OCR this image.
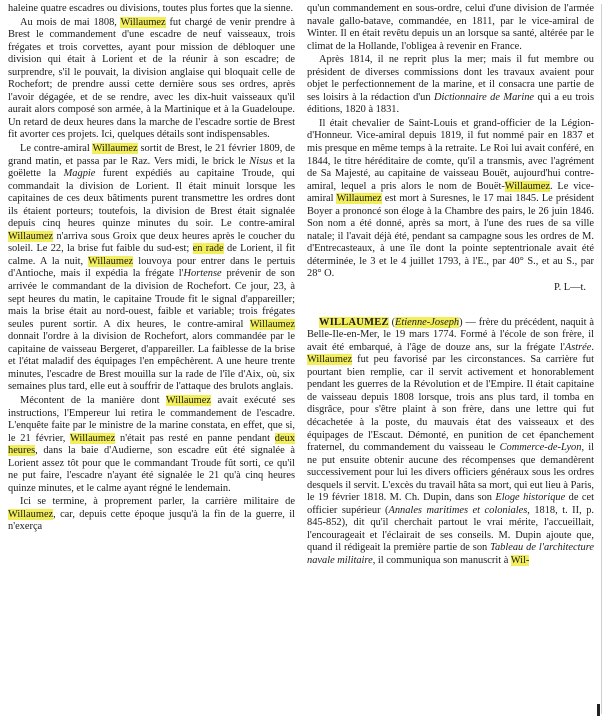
haleine quatre escadres ou divisions, toutes plus fortes que la sienne.

Au mois de mai 1808, Willaumez fut chargé de venir prendre à Brest le commandement d'une escadre de neuf vaisseaux, trois frégates et trois corvettes, ayant pour mission de débloquer une division qui était à Lorient et de la réunir à son escadre; de surprendre, s'il le pouvait, la division anglaise qui bloquait celle de Rochefort; de prendre aussi cette dernière sous ses ordres, après l'avoir dégagée, et de se rendre, avec les dix-huit vaisseaux qu'il aurait alors composé son armée, à la Martinique et à la Guadeloupe. Un retard de deux heures dans la marche de l'escadre sortie de Brest fit avorter ces projets. Ici, quelques détails sont indispensables.

Le contre-amiral Willaumez sortit de Brest, le 21 février 1809, de grand matin, et passa par le Raz. Vers midi, le brick le Nisus et la goëlette la Magpie furent expédiés au capitaine Troude, qui commandait la division de Lorient. Il était minuit lorsque les capitaines de ces deux bâtiments purent transmettre les ordres dont ils étaient porteurs; toutefois, la division de Brest était signalée depuis cinq heures quinze minutes du soir. Le contre-amiral Willaumez n'arriva sous Groix que deux heures après le coucher du soleil. Le 22, la brise fut faible du sud-est; en rade de Lorient, il fit calme. A la nuit, Willaumez louvoya pour entrer dans le pertuis d'Antioche, mais il expédia la frégate l'Hortense prévenir de son arrivée le commandant de la division de Rochefort. Ce jour, 23, à sept heures du matin, le capitaine Troude fit le signal d'appareiller; mais la brise était au nord-ouest, faible et variable; trois frégates seules purent sortir. A dix heures, le contre-amiral Willaumez donnait l'ordre à la division de Rochefort, alors commandée par le capitaine de vaisseau Bergeret, d'appareiller. La faiblesse de la brise et l'état maladif des équipages l'en empêchèrent. A une heure trente minutes, l'escadre de Brest mouilla sur la rade de l'île d'Aix, où, six semaines plus tard, elle eut à souffrir de l'attaque des brulots anglais.

Mécontent de la manière dont Willaumez avait exécuté ses instructions, l'Empereur lui retira le commandement de l'escadre. L'enquête faite par le ministre de la marine constata, en effet, que si, le 21 février, Willaumez n'était pas resté en panne pendant deux heures, dans la baie d'Audierne, son escadre eût été signalée à Lorient assez tôt pour que le commandant Troude fût sorti, ce qu'il ne put faire, l'escadre n'ayant été signalée le 21 qu'à cinq heures quinze minutes, et le calme ayant régné le lendemain.

Ici se termine, à proprement parler, la carrière militaire de Willaumez, car, depuis cette époque jusqu'à la fin de la guerre, il n'exerça

qu'un commandement en sous-ordre, celui d'une division de l'armée navale gallo-batave, commandée, en 1811, par le vice-amiral de Winter. Il en était revêtu depuis un an lorsque sa santé, altérée par le climat de la Hollande, l'obligea à revenir en France.

Après 1814, il ne reprit plus la mer; mais il fut membre ou président de diverses commissions dont les travaux avaient pour objet le perfectionnement de la marine, et il consacra une partie de ses loisirs à la rédaction d'un Dictionnaire de Marine qui a eu trois éditions, 1820 à 1831.

Il était chevalier de Saint-Louis et grand-officier de la Légion-d'Honneur. Vice-amiral depuis 1819, il fut nommé pair en 1837 et mis presque en même temps à la retraite. Le Roi lui avait conféré, en 1844, le titre héréditaire de comte, qu'il a transmis, avec l'agrément de Sa Majesté, au capitaine de vaisseau Bouët, aujourd'hui contre-amiral, lequel a pris alors le nom de Bouët-Willaumez. Le vice-amiral Willaumez est mort à Suresnes, le 17 mai 1845. Le président Boyer a prononcé son éloge à la Chambre des pairs, le 26 juin 1846. Son nom a été donné, après sa mort, à l'une des rues de sa ville natale; il l'avait déjà été, pendant sa campagne sous les ordres de M. d'Entrecasteaux, à une île dont la pointe septentrionale avait été déterminée, le 3 et le 4 juillet 1793, à l'E., par 40° S., et au S., par 28° O.

P. L—t.

WILLAUMEZ (Etienne-Joseph) — frère du précédent, naquit à Belle-Ile-en-Mer, le 19 mars 1774. Formé à l'école de son frère, il avait été embarqué, à l'âge de douze ans, sur la frégate l'Astrée. Willaumez fut peu favorisé par les circonstances. Sa carrière fut pourtant bien remplie, car il servit activement et honorablement pendant les guerres de la Révolution et de l'Empire. Il était capitaine de vaisseau depuis 1808 lorsque, trois ans plus tard, il tomba en disgrâce, pour s'être plaint à son frère, dans une lettre qui fut décachetée à la poste, du mauvais état des vaisseaux et des équipages de l'Escaut. Démonté, en punition de cet épanchement fraternel, du commandement du vaisseau le Commerce-de-Lyon, il ne put ensuite obtenir aucune des récompenses que demandèrent successivement pour lui les divers officiers généraux sous les ordres desquels il servit. L'excès du travail hâta sa mort, qui eut lieu à Paris, le 19 février 1818. M. Ch. Dupin, dans son Eloge historique de cet officier supérieur (Annales maritimes et coloniales, 1818, t. II, p. 845-852), dit qu'il cherchait partout le vrai mérite, l'accueillait, l'encourageait et l'éclairait de ses conseils. M. Dupin ajoute que, quand il rédigeait la première partie de son Tableau de l'architecture navale militaire, il communiqua son manuscrit à Wil-
